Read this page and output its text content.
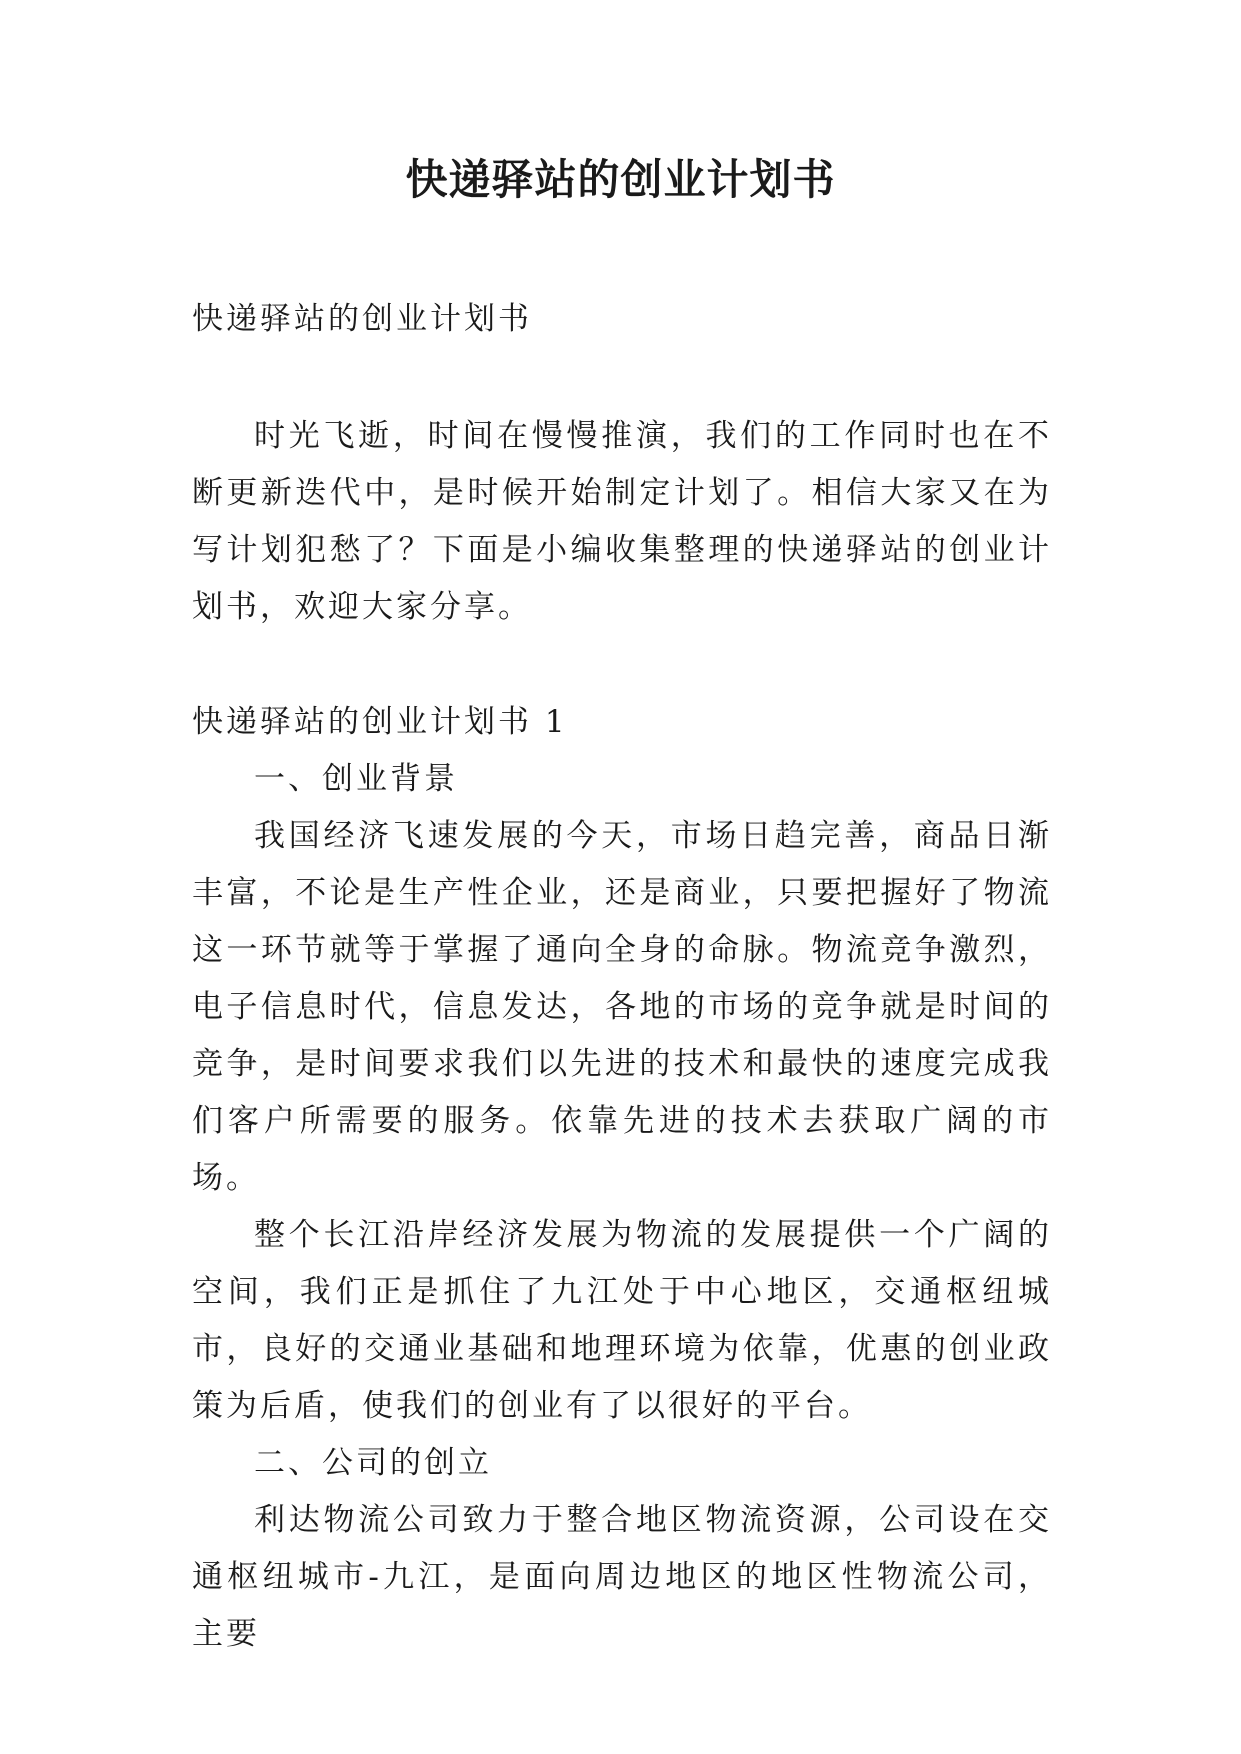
快递驿站的创业计划书

快递驿站的创业计划书

时光飞逝，时间在慢慢推演，我们的工作同时也在不断更新迭代中，是时候开始制定计划了。相信大家又在为写计划犯愁了？下面是小编收集整理的快递驿站的创业计划书，欢迎大家分享。

快递驿站的创业计划书 1

一、创业背景

我国经济飞速发展的今天，市场日趋完善，商品日渐丰富，不论是生产性企业，还是商业，只要把握好了物流这一环节就等于掌握了通向全身的命脉。物流竞争激烈，电子信息时代，信息发达，各地的市场的竞争就是时间的竞争，是时间要求我们以先进的技术和最快的速度完成我们客户所需要的服务。依靠先进的技术去获取广阔的市场。

整个长江沿岸经济发展为物流的发展提供一个广阔的空间，我们正是抓住了九江处于中心地区，交通枢纽城市，良好的交通业基础和地理环境为依靠，优惠的创业政策为后盾，使我们的创业有了以很好的平台。

二、公司的创立

利达物流公司致力于整合地区物流资源，公司设在交通枢纽城市-九江，是面向周边地区的地区性物流公司，主要
